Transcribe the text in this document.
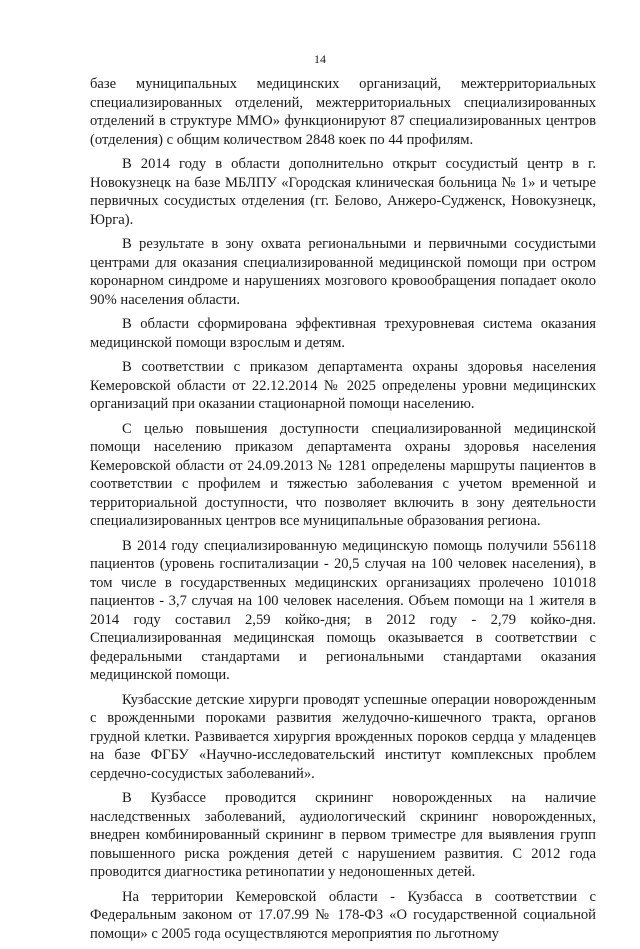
14

базе муниципальных медицинских организаций, межтерриториальных специализированных отделений, межтерриториальных специализированных отделений в структуре ММО» функционируют 87 специализированных центров (отделения) с общим количеством 2848 коек по 44 профилям.

В 2014 году в области дополнительно открыт сосудистый центр в г. Новокузнецк на базе МБЛПУ «Городская клиническая больница № 1» и четыре первичных сосудистых отделения (гг. Белово, Анжеро-Судженск, Новокузнецк, Юрга).

В результате в зону охвата региональными и первичными сосудистыми центрами для оказания специализированной медицинской помощи при остром коронарном синдроме и нарушениях мозгового кровообращения попадает около 90% населения области.

В области сформирована эффективная трехуровневая система оказания медицинской помощи взрослым и детям.

В соответствии с приказом департамента охраны здоровья населения Кемеровской области от 22.12.2014 № 2025 определены уровни медицинских организаций при оказании стационарной помощи населению.

С целью повышения доступности специализированной медицинской помощи населению приказом департамента охраны здоровья населения Кемеровской области от 24.09.2013 № 1281 определены маршруты пациентов в соответствии с профилем и тяжестью заболевания с учетом временной и территориальной доступности, что позволяет включить в зону деятельности специализированных центров все муниципальные образования региона.

В 2014 году специализированную медицинскую помощь получили 556118 пациентов (уровень госпитализации - 20,5 случая на 100 человек населения), в том числе в государственных медицинских организациях пролечено 101018 пациентов - 3,7 случая на 100 человек населения. Объем помощи на 1 жителя в 2014 году составил 2,59 койко-дня; в 2012 году - 2,79 койко-дня. Специализированная медицинская помощь оказывается в соответствии с федеральными стандартами и региональными стандартами оказания медицинской помощи.

Кузбасские детские хирурги проводят успешные операции новорожденным с врожденными пороками развития желудочно-кишечного тракта, органов грудной клетки. Развивается хирургия врожденных пороков сердца у младенцев на базе ФГБУ «Научно-исследовательский институт комплексных проблем сердечно-сосудистых заболеваний».

В Кузбассе проводится скрининг новорожденных на наличие наследственных заболеваний, аудиологический скрининг новорожденных, внедрен комбинированный скрининг в первом триместре для выявления групп повышенного риска рождения детей с нарушением развития. С 2012 года проводится диагностика ретинопатии у недоношенных детей.

На территории Кемеровской области - Кузбасса в соответствии с Федеральным законом от 17.07.99 № 178-ФЗ «О государственной социальной помощи» с 2005 года осуществляются мероприятия по льготному
